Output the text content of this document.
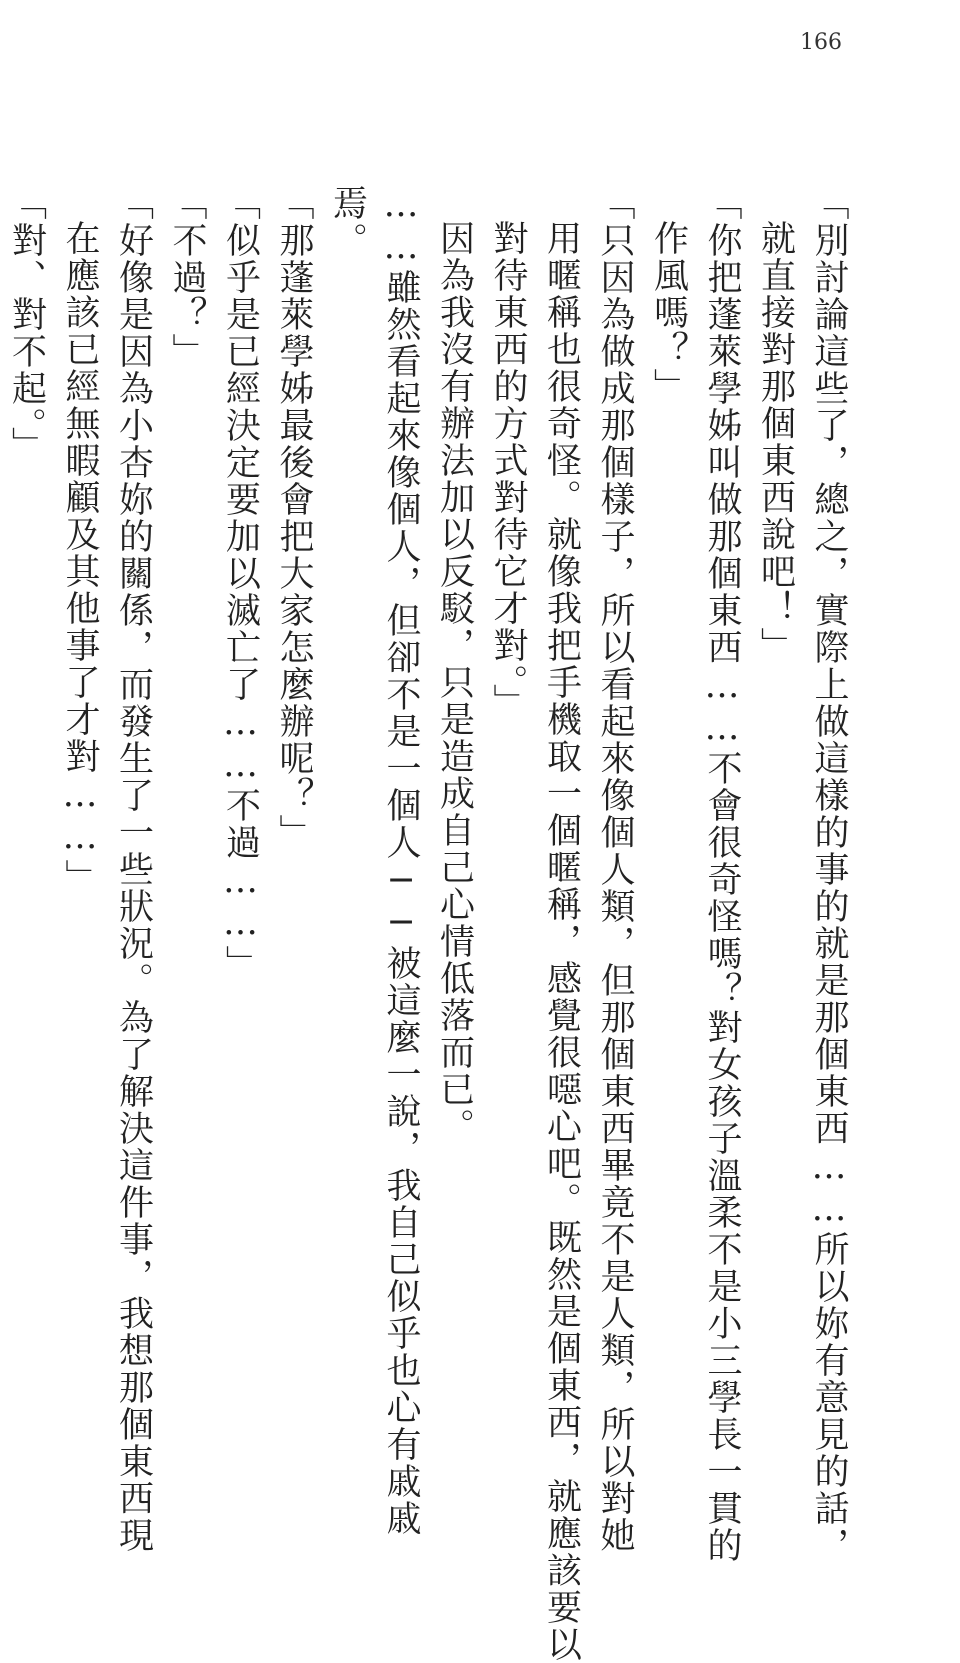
166
「別討論這些了，總之，實際上做這樣的事的就是那個東西……所以妳有意見的話，
就直接對那個東西說吧！」
「你把蓬萊學姊叫做那個東西……不會很奇怪嗎？對女孩子溫柔不是小三學長一貫的
作風嗎？」
「只因為做成那個樣子，所以看起來像個人類，但那個東西畢竟不是人類，所以對她
用暱稱也很奇怪。就像我把手機取一個暱稱，感覺很噁心吧。既然是個東西，就應該要以
對待東西的方式對待它才對。」
因為我沒有辦法加以反駁，只是造成自己心情低落而已。
……雖然看起來像個人，但卻不是一個人──被這麼一說，我自己似乎也心有戚戚
焉。
「那蓬萊學姊最後會把大家怎麼辦呢？」
「似乎是已經決定要加以滅亡了……不過……」
「不過？」
「好像是因為小杏妳的關係，而發生了一些狀況。為了解決這件事，我想那個東西現
在應該已經無暇顧及其他事了才對……」
「對、對不起。」
